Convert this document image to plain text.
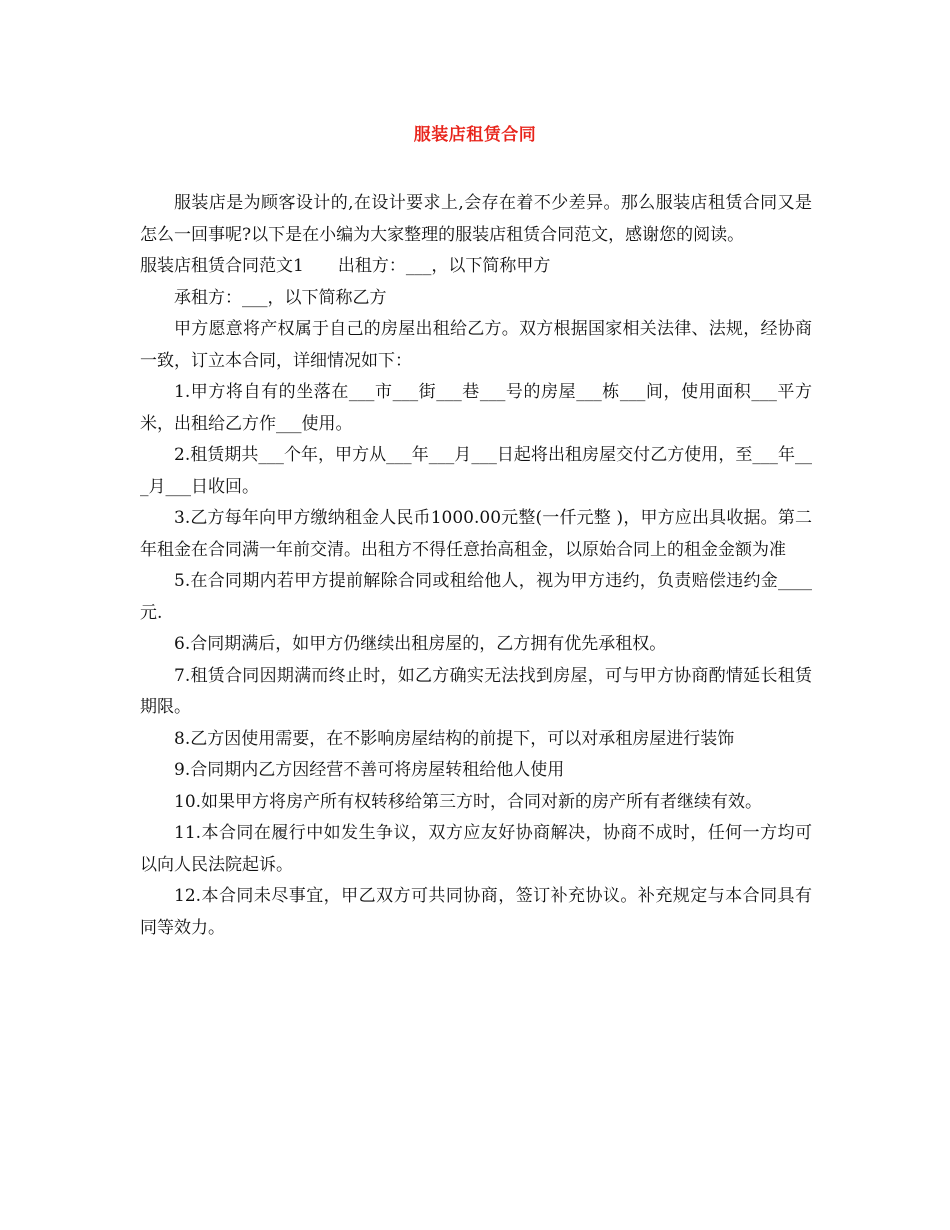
服装店租赁合同

服装店是为顾客设计的,在设计要求上,会存在着不少差异。那么服装店租赁合同又是怎么一回事呢?以下是在小编为大家整理的服装店租赁合同范文，感谢您的阅读。

服装店租赁合同范文1　　出租方：___，以下简称甲方

承租方：___，以下简称乙方

甲方愿意将产权属于自己的房屋出租给乙方。双方根据国家相关法律、法规，经协商一致，订立本合同，详细情况如下：

1.甲方将自有的坐落在___市___街___巷___号的房屋___栋___间，使用面积___平方米，出租给乙方作___使用。

2.租赁期共___个年，甲方从___年___月___日起将出租房屋交付乙方使用，至___年___月___日收回。

3.乙方每年向甲方缴纳租金人民币1000.00元整(一仟元整 )，甲方应出具收据。第二年租金在合同满一年前交清。出租方不得任意抬高租金，以原始合同上的租金金额为准

5.在合同期内若甲方提前解除合同或租给他人，视为甲方违约，负责赔偿违约金____元.

6.合同期满后，如甲方仍继续出租房屋的，乙方拥有优先承租权。

7.租赁合同因期满而终止时，如乙方确实无法找到房屋，可与甲方协商酌情延长租赁期限。

8.乙方因使用需要，在不影响房屋结构的前提下，可以对承租房屋进行装饰

9.合同期内乙方因经营不善可将房屋转租给他人使用

10.如果甲方将房产所有权转移给第三方时，合同对新的房产所有者继续有效。

11.本合同在履行中如发生争议，双方应友好协商解决，协商不成时，任何一方均可以向人民法院起诉。

12.本合同未尽事宜，甲乙双方可共同协商，签订补充协议。补充规定与本合同具有同等效力。
